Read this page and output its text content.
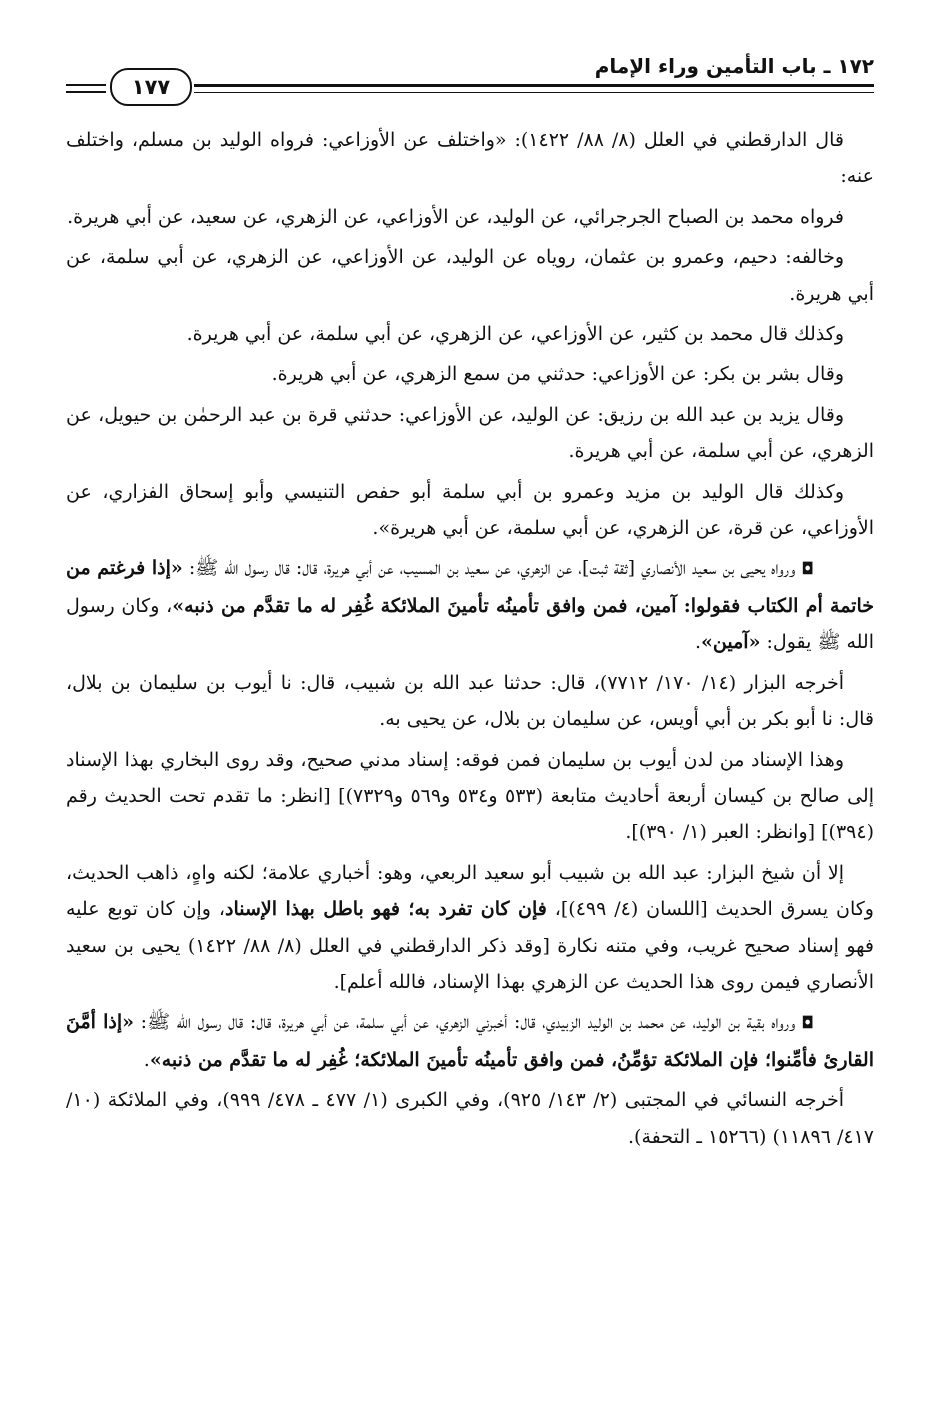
١٧٢ ـ باب التأمين وراء الإمام
١٧٧

قال الدارقطني في العلل (٨/ ٨٨/ ١٤٢٢): «واختلف عن الأوزاعي: فرواه الوليد بن مسلم، واختلف عنه:

فرواه محمد بن الصباح الجرجرائي، عن الوليد، عن الأوزاعي، عن الزهري، عن سعيد، عن أبي هريرة.

وخالفه: دحيم، وعمرو بن عثمان، روياه عن الوليد، عن الأوزاعي، عن الزهري، عن أبي سلمة، عن أبي هريرة.

وكذلك قال محمد بن كثير، عن الأوزاعي، عن الزهري، عن أبي سلمة، عن أبي هريرة.

وقال بشر بن بكر: عن الأوزاعي: حدثني من سمع الزهري، عن أبي هريرة.

وقال يزيد بن عبد الله بن رزيق: عن الوليد، عن الأوزاعي: حدثني قرة بن عبد الرحمٰن بن حيويل، عن الزهري، عن أبي سلمة، عن أبي هريرة.

وكذلك قال الوليد بن مزيد وعمرو بن أبي سلمة أبو حفص التنيسي وأبو إسحاق الفزاري، عن الأوزاعي، عن قرة، عن الزهري، عن أبي سلمة، عن أبي هريرة».

◘ورواه يحيى بن سعيد الأنصاري [ثقة ثبت]، عن الزهري، عن سعيد بن المسيب، عن أبي هريرة، قال: قال رسول الله ﷺ: «إذا فرغتم من خاتمة أم الكتاب فقولوا: آمين، فمن وافق تأمينُه تأمينَ الملائكة غُفِر له ما تقدَّم من ذنبه»، وكان رسول الله ﷺ يقول: «آمين».

أخرجه البزار (١٤/ ١٧٠/ ٧٧١٢)، قال: حدثنا عبد الله بن شبيب، قال: نا أيوب بن سليمان بن بلال، قال: نا أبو بكر بن أبي أويس، عن سليمان بن بلال، عن يحيى به.

وهذا الإسناد من لدن أيوب بن سليمان فمن فوقه: إسناد مدني صحيح، وقد روى البخاري بهذا الإسناد إلى صالح بن كيسان أربعة أحاديث متابعة (٥٣٣ و٥٣٤ و٥٦٩ و٧٣٢٩)] [انظر: ما تقدم تحت الحديث رقم (٣٩٤)] [وانظر: العبر (١/ ٣٩٠)].

إلا أن شيخ البزار: عبد الله بن شبيب أبو سعيد الربعي، وهو: أخباري علامة؛ لكنه واهٍ، ذاهب الحديث، وكان يسرق الحديث [اللسان (٤/ ٤٩٩)]، فإن كان تفرد به؛ فهو باطل بهذا الإسناد، وإن كان توبع عليه فهو إسناد صحيح غريب، وفي متنه نكارة [وقد ذكر الدارقطني في العلل (٨/ ٨٨/ ١٤٢٢) يحيى بن سعيد الأنصاري فيمن روى هذا الحديث عن الزهري بهذا الإسناد، فالله أعلم].

◘ورواه بقية بن الوليد، عن محمد بن الوليد الزبيدي، قال: أخبرني الزهري، عن أبي سلمة، عن أبي هريرة، قال: قال رسول الله ﷺ: «إذا أمَّنَ القارئ فأمِّنوا؛ فإن الملائكة تؤمِّنُ، فمن وافق تأمينُه تأمينَ الملائكة؛ غُفِر له ما تقدَّم من ذنبه».

أخرجه النسائي في المجتبى (٢/ ١٤٣/ ٩٢٥)، وفي الكبرى (١/ ٤٧٧ ـ ٤٧٨/ ٩٩٩)، وفي الملائكة (١٠/ ٤١٧/ ١١٨٩٦) (١٥٢٦٦ ـ التحفة).
